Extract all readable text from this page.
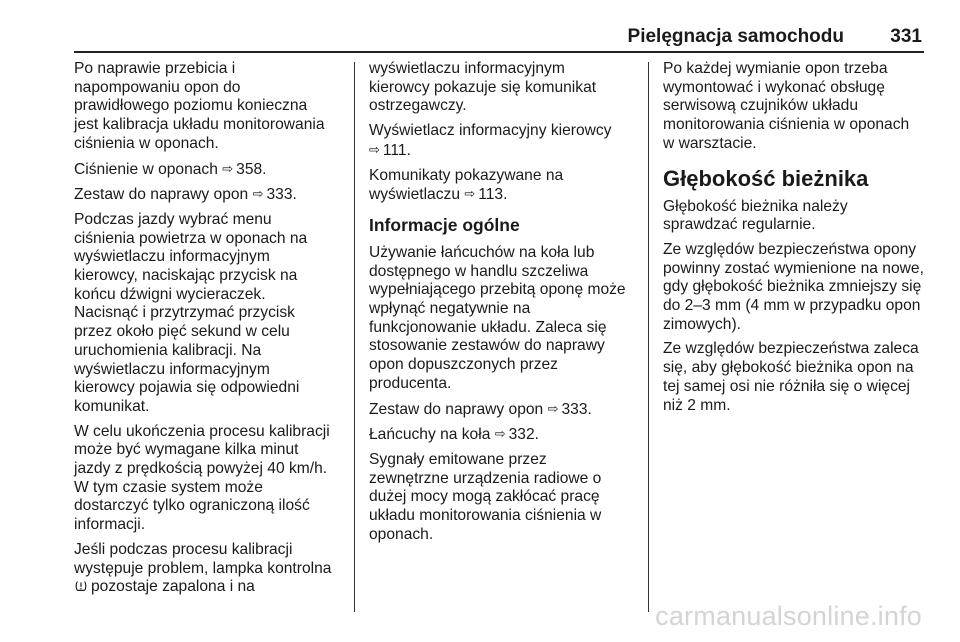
Pielęgnacja samochodu 331

Po naprawie przebicia i
napompowaniu opon do
prawidłowego poziomu konieczna
jest kalibracja układu monitorowania
ciśnienia w oponach.

Ciśnienie w oponach ⇨ 358.

Zestaw do naprawy opon ⇨ 333.

Podczas jazdy wybrać menu
ciśnienia powietrza w oponach na
wyświetlaczu informacyjnym
kierowcy, naciskając przycisk na
końcu dźwigni wycieraczek.
Nacisnąć i przytrzymać przycisk
przez około pięć sekund w celu
uruchomienia kalibracji. Na
wyświetlaczu informacyjnym
kierowcy pojawia się odpowiedni
komunikat.

W celu ukończenia procesu kalibracji
może być wymagane kilka minut
jazdy z prędkością powyżej 40 km/h.
W tym czasie system może
dostarczyć tylko ograniczoną ilość
informacji.

Jeśli podczas procesu kalibracji
występuje problem, lampka kontrolna
pozostaje zapalona i na

wyświetlaczu informacyjnym
kierowcy pokazuje się komunikat
ostrzegawczy.

Wyświetlacz informacyjny kierowcy
⇨ 111.

Komunikaty pokazywane na
wyświetlaczu ⇨ 113.

Informacje ogólne

Używanie łańcuchów na koła lub
dostępnego w handlu szczeliwa
wypełniającego przebitą oponę może
wpłynąć negatywnie na
funkcjonowanie układu. Zaleca się
stosowanie zestawów do naprawy
opon dopuszczonych przez
producenta.

Zestaw do naprawy opon ⇨ 333.

Łańcuchy na koła ⇨ 332.

Sygnały emitowane przez
zewnętrzne urządzenia radiowe o
dużej mocy mogą zakłócać pracę
układu monitorowania ciśnienia w
oponach.

Po każdej wymianie opon trzeba
wymontować i wykonać obsługę
serwisową czujników układu
monitorowania ciśnienia w oponach
w warsztacie.

Głębokość bieżnika

Głębokość bieżnika należy
sprawdzać regularnie.

Ze względów bezpieczeństwa opony
powinny zostać wymienione na nowe,
gdy głębokość bieżnika zmniejszy się
do 2–3 mm (4 mm w przypadku opon
zimowych).

Ze względów bezpieczeństwa zaleca
się, aby głębokość bieżnika opon na
tej samej osi nie różniła się o więcej
niż 2 mm.

carmanualsonline.info
